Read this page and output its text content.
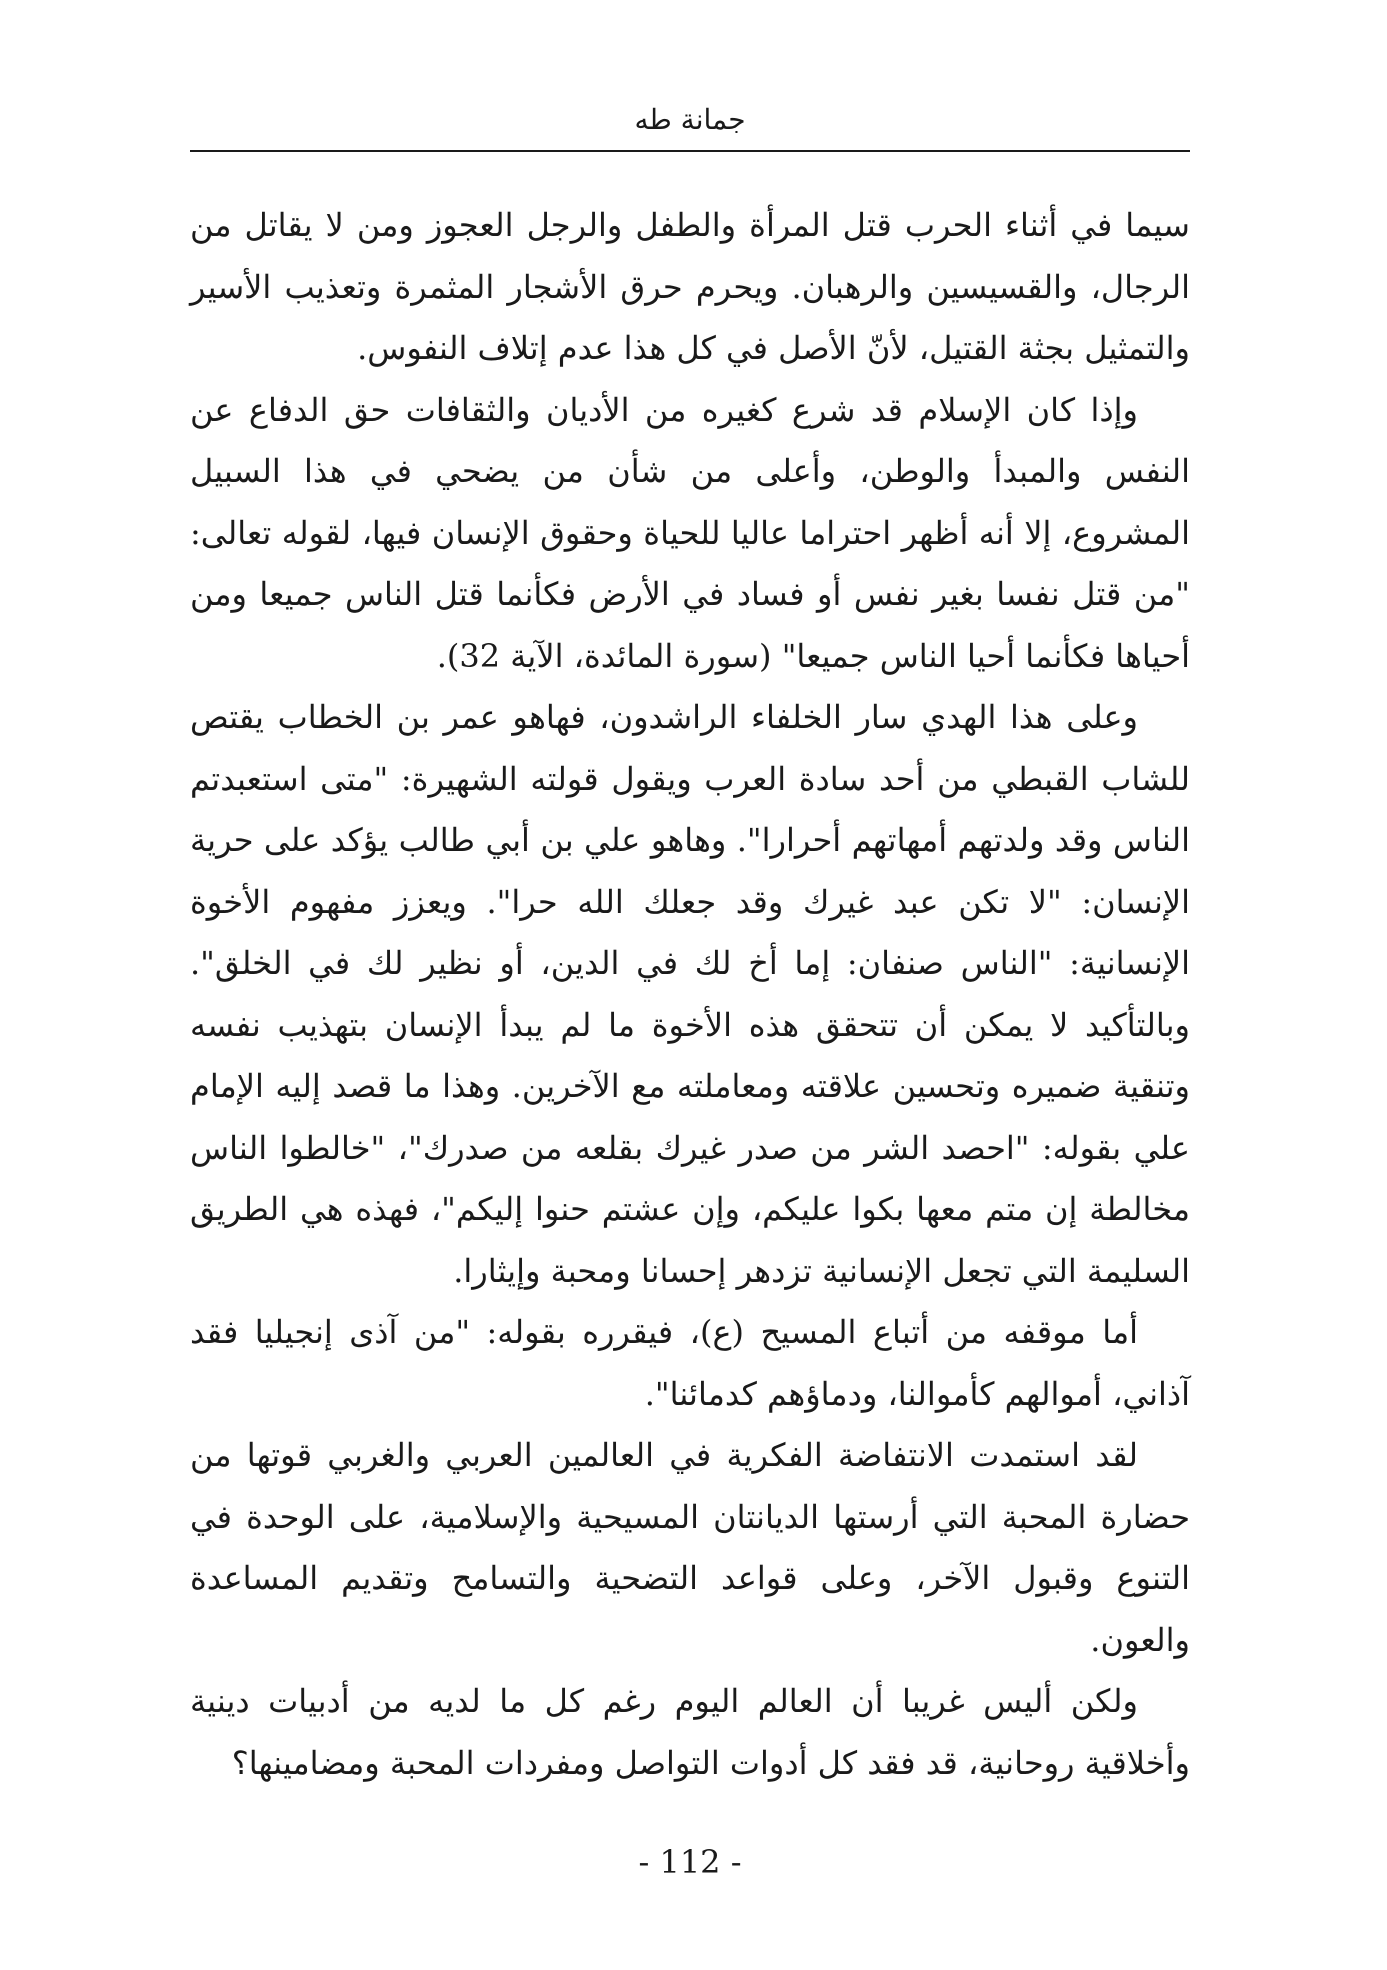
جمانة طه

سيما في أثناء الحرب قتل المرأة والطفل والرجل العجوز ومن لا يقاتل من الرجال، والقسيسين والرهبان. ويحرم حرق الأشجار المثمرة وتعذيب الأسير والتمثيل بجثة القتيل، لأنّ الأصل في كل هذا عدم إتلاف النفوس.

وإذا كان الإسلام قد شرع كغيره من الأديان والثقافات حق الدفاع عن النفس والمبدأ والوطن، وأعلى من شأن من يضحي في هذا السبيل المشروع، إلا أنه أظهر احتراما عاليا للحياة وحقوق الإنسان فيها، لقوله تعالى: "من قتل نفسا بغير نفس أو فساد في الأرض فكأنما قتل الناس جميعا ومن أحياها فكأنما أحيا الناس جميعا" (سورة المائدة، الآية 32).

وعلى هذا الهدي سار الخلفاء الراشدون، فهاهو عمر بن الخطاب يقتص للشاب القبطي من أحد سادة العرب ويقول قولته الشهيرة: "متى استعبدتم الناس وقد ولدتهم أمهاتهم أحرارا". وهاهو علي بن أبي طالب يؤكد على حرية الإنسان: "لا تكن عبد غيرك وقد جعلك الله حرا". ويعزز مفهوم الأخوة الإنسانية: "الناس صنفان: إما أخ لك في الدين، أو نظير لك في الخلق". وبالتأكيد لا يمكن أن تتحقق هذه الأخوة ما لم يبدأ الإنسان بتهذيب نفسه وتنقية ضميره وتحسين علاقته ومعاملته مع الآخرين. وهذا ما قصد إليه الإمام علي بقوله: "احصد الشر من صدر غيرك بقلعه من صدرك"، "خالطوا الناس مخالطة إن متم معها بكوا عليكم، وإن عشتم حنوا إليكم"، فهذه هي الطريق السليمة التي تجعل الإنسانية تزدهر إحسانا ومحبة وإيثارا.

أما موقفه من أتباع المسيح (ع)، فيقرره بقوله: "من آذى إنجيليا فقد آذاني، أموالهم كأموالنا، ودماؤهم كدمائنا".

لقد استمدت الانتفاضة الفكرية في العالمين العربي والغربي قوتها من حضارة المحبة التي أرستها الديانتان المسيحية والإسلامية، على الوحدة في التنوع وقبول الآخر، وعلى قواعد التضحية والتسامح وتقديم المساعدة والعون.

ولكن أليس غريبا أن العالم اليوم رغم كل ما لديه من أدبيات دينية وأخلاقية روحانية، قد فقد كل أدوات التواصل ومفردات المحبة ومضامينها؟

- 112 -
